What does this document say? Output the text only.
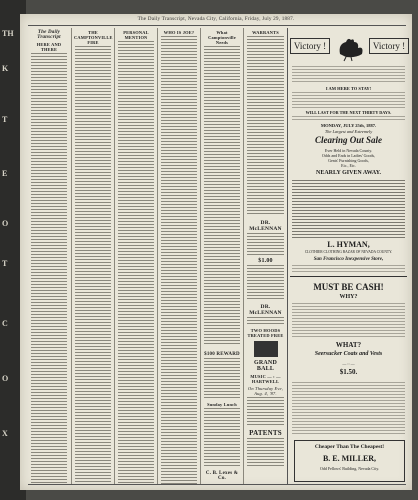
TH
K
T
E
O
T
C
O
X
The Daily Transcript, Nevada City, California, Friday, July 29, 1887.
The Daily Transcript
HERE AND THERE
THE CAMPTONVILLE FIRE
PERSONAL MENTION
WHO IS JOE?	What Camptonville Needs
$100 REWARD
Sunday Lunch
C. B. Lexes & Co.
WARRANTS
DR. McLENNAN
$1.00
DR. McLENNAN
TWO HOODS TREATED FREE
GRAND BALL
MUSIC — : — HARTWELL
On Thursday Eve, Aug. 4, '87.
PATENTS
Victory !	Victory !
I AM HERE TO STAY!
WILL LAST FOR THE NEXT THIRTY DAYS.
MONDAY, JULY 25th, 1887.
The Largest and Extremely
Clearing Out Sale
Ever Held in Nevada County.
Odds and Ends in Ladies' Goods,
Gents' Furnishing Goods,
Etc., Etc.
NEARLY GIVEN AWAY.
L. HYMAN,
CLOTHIER CLOTHING BAZAR OF NEVADA COUNTY.
San Francisco Inexpensive Store,
MUST BE CASH!
WHY?
WHAT?
Seersucker Coats and Vests
— :: —
$1.50.
Cheaper Than The Cheapest!
B. E. MILLER,
Odd Fellows' Building, Nevada City.
